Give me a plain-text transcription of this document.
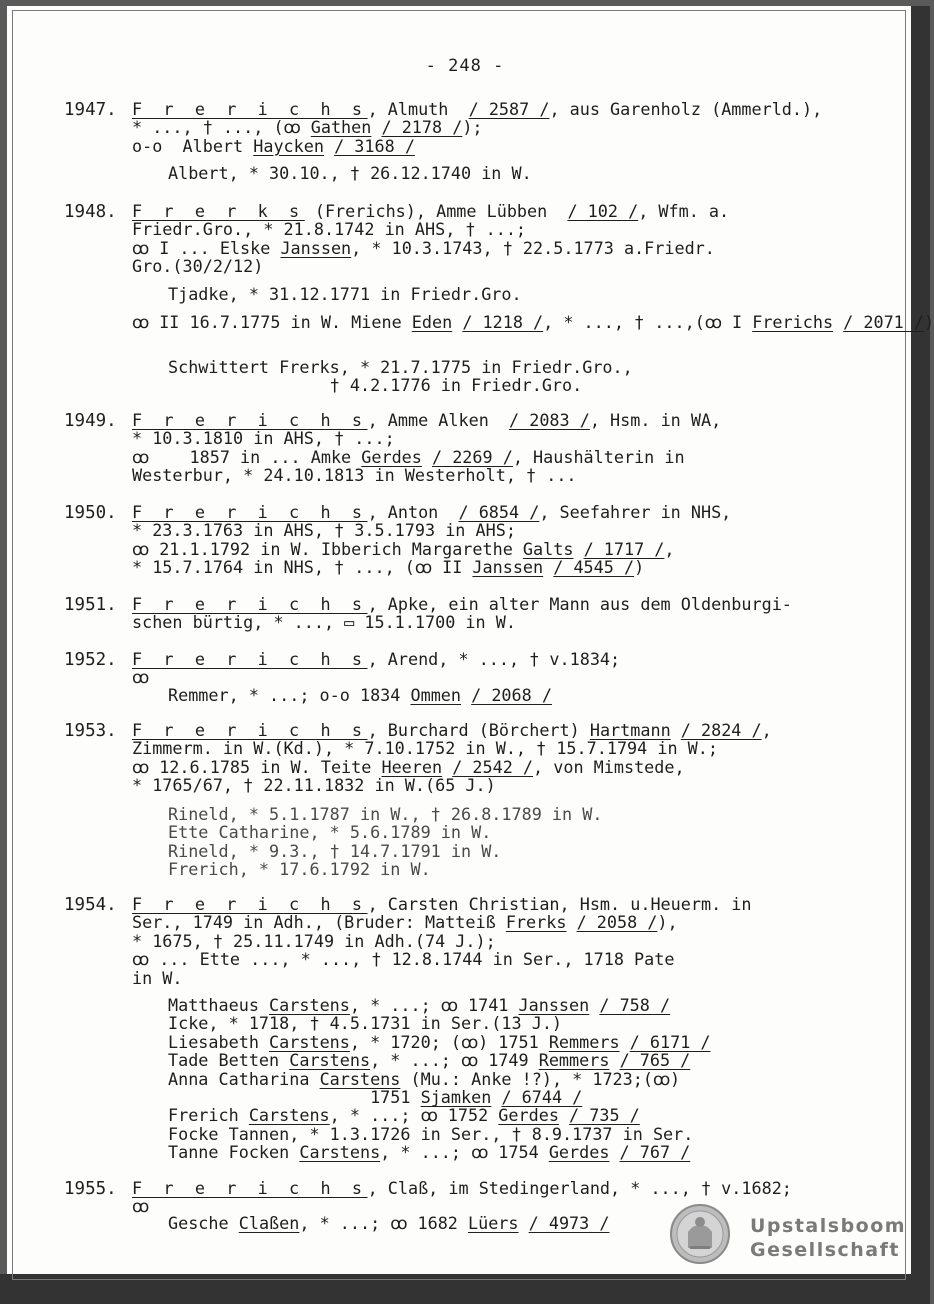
- 248 -
1947. F r e r i c h s, Almuth  / 2587 /, aus Garenholz (Ammerld.),
* ..., † ..., (ꝏ Gathen / 2178 /);
o-o  Albert Haycken / 3168 /
Albert, * 30.10., † 26.12.1740 in W.
1948. F r e r k s (Frerichs), Amme Lübben  / 102 /, Wfm. a.
Friedr.Gro., * 21.8.1742 in AHS, † ...;
ꝏ I ... Elske Janssen, * 10.3.1743, † 22.5.1773 a.Friedr.
Gro.(30/2/12)
Tjadke, * 31.12.1771 in Friedr.Gro.
ꝏ II 16.7.1775 in W. Miene Eden / 1218 /, * ..., † ...,(ꝏ I Frerichs / 2071 /)
Schwittert Frerks, * 21.7.1775 in Friedr.Gro.,
† 4.2.1776 in Friedr.Gro.
1949. F r e r i c h s, Amme Alken  / 2083 /, Hsm. in WA,
* 10.3.1810 in AHS, † ...;
ꝏ    1857 in ... Amke Gerdes / 2269 /, Haushälterin in
Westerbur, * 24.10.1813 in Westerholt, † ...
1950. F r e r i c h s, Anton  / 6854 /, Seefahrer in NHS,
* 23.3.1763 in AHS, † 3.5.1793 in AHS;
ꝏ 21.1.1792 in W. Ibberich Margarethe Galts / 1717 /,
* 15.7.1764 in NHS, † ..., (ꝏ II Janssen / 4545 /)
1951. F r e r i c h s, Apke, ein alter Mann aus dem Oldenburgi-
schen bürtig, * ..., ▭ 15.1.1700 in W.
1952. F r e r i c h s, Arend, * ..., † v.1834;
ꝏ
Remmer, * ...; o-o 1834 Ommen / 2068 /
1953. F r e r i c h s, Burchard (Börchert) Hartmann / 2824 /,
Zimmerm. in W.(Kd.), * 7.10.1752 in W., † 15.7.1794 in W.;
ꝏ 12.6.1785 in W. Teite Heeren / 2542 /, von Mimstede,
* 1765/67, † 22.11.1832 in W.(65 J.)
Rineld, * 5.1.1787 in W., † 26.8.1789 in W.
Ette Catharine, * 5.6.1789 in W.
Rineld, * 9.3., † 14.7.1791 in W.
Frerich, * 17.6.1792 in W.
1954. F r e r i c h s, Carsten Christian, Hsm. u.Heuerm. in
Ser., 1749 in Adh., (Bruder: Matteiß Frerks / 2058 /),
* 1675, † 25.11.1749 in Adh.(74 J.);
ꝏ ... Ette ..., * ..., † 12.8.1744 in Ser., 1718 Pate
in W.
Matthaeus Carstens, * ...; ꝏ 1741 Janssen / 758 /
Icke, * 1718, † 4.5.1731 in Ser.(13 J.)
Liesabeth Carstens, * 1720; (ꝏ) 1751 Remmers / 6171 /
Tade Betten Carstens, * ...; ꝏ 1749 Remmers / 765 /
Anna Catharina Carstens (Mu.: Anke !?), * 1723;(ꝏ)
1751 Sjamken / 6744 /
Frerich Carstens, * ...; ꝏ 1752 Gerdes / 735 /
Focke Tannen, * 1.3.1726 in Ser., † 8.9.1737 in Ser.
Tanne Focken Carstens, * ...; ꝏ 1754 Gerdes / 767 /
1955. F r e r i c h s, Claß, im Stedingerland, * ..., † v.1682;
ꝏ
Gesche Claßen, * ...; ꝏ 1682 Lüers / 4973 /	Upstalsboom
Gesellschaft
